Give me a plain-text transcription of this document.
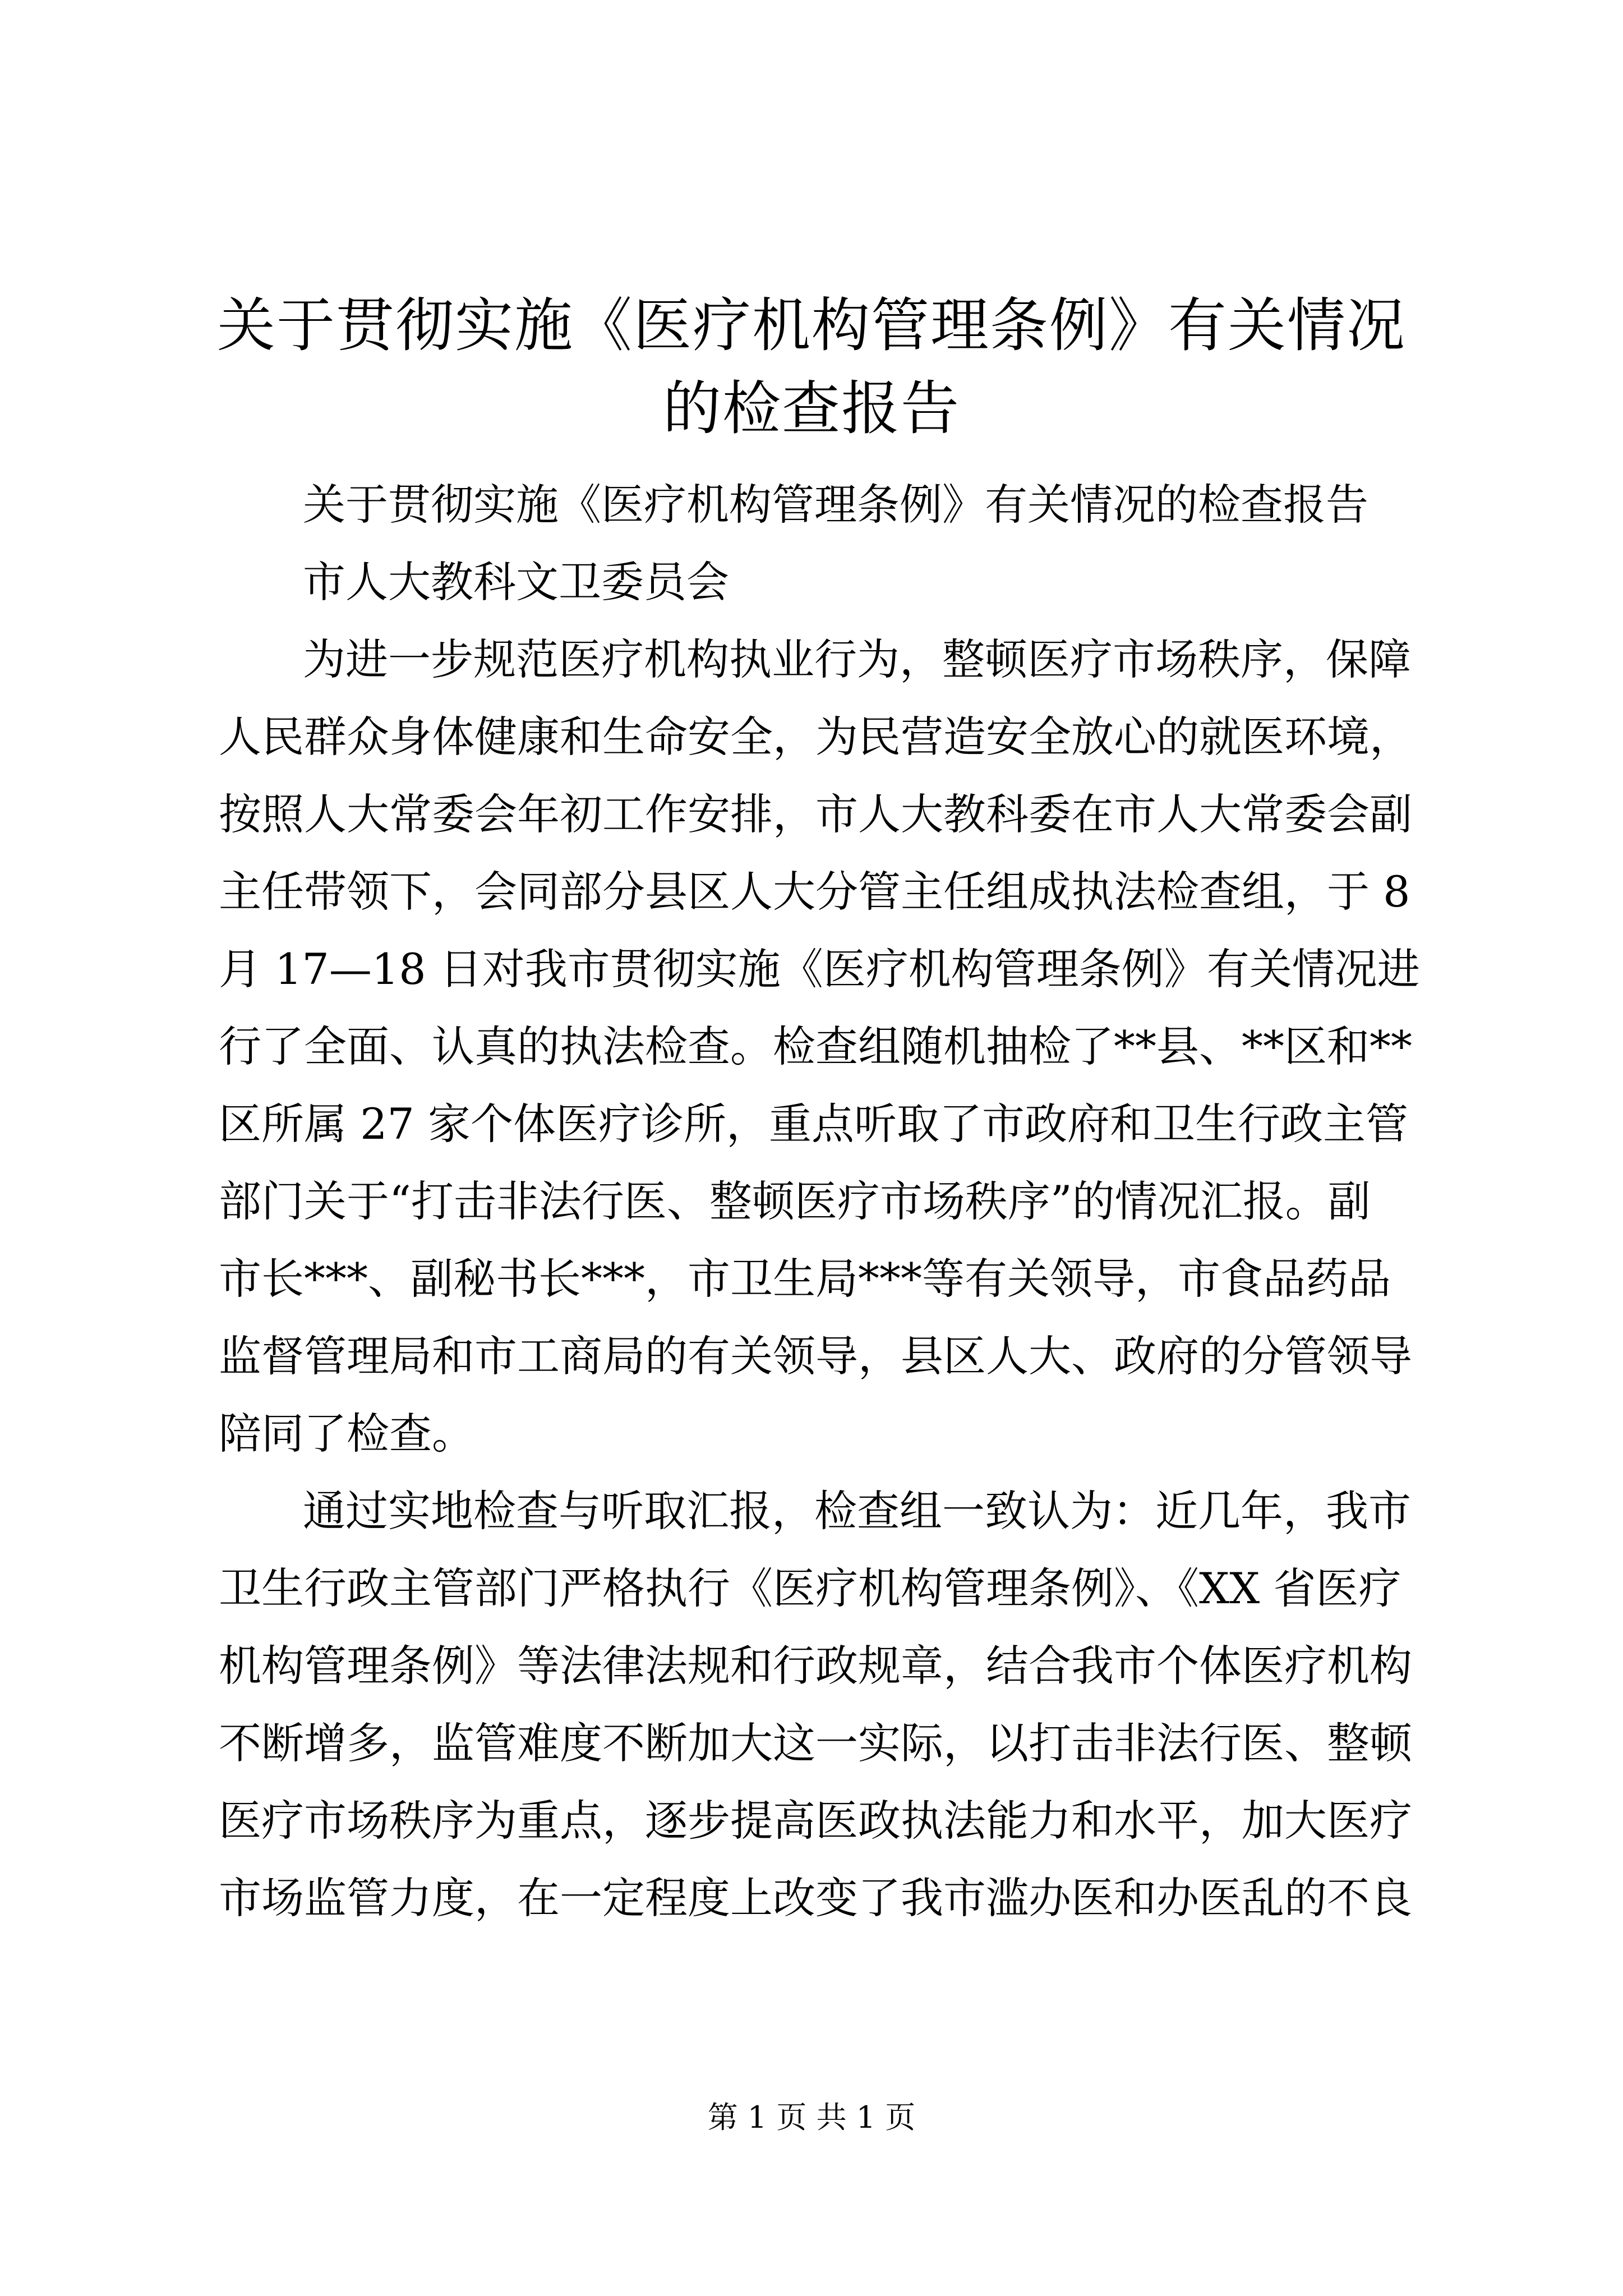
关于贯彻实施《医疗机构管理条例》有关情况
的检查报告
关于贯彻实施《医疗机构管理条例》有关情况的检查报告
市人大教科文卫委员会
为进一步规范医疗机构执业行为，整顿医疗市场秩序，保障
人民群众身体健康和生命安全，为民营造安全放心的就医环境，
按照人大常委会年初工作安排，市人大教科委在市人大常委会副
主任带领下，会同部分县区人大分管主任组成执法检查组，于 8
月 17—18 日对我市贯彻实施《医疗机构管理条例》有关情况进
行了全面、认真的执法检查。检查组随机抽检了**县、**区和**
区所属 27 家个体医疗诊所，重点听取了市政府和卫生行政主管
部门关于“打击非法行医、整顿医疗市场秩序”的情况汇报。副
市长***、副秘书长***，市卫生局***等有关领导，市食品药品
监督管理局和市工商局的有关领导，县区人大、政府的分管领导
陪同了检查。
通过实地检查与听取汇报，检查组一致认为：近几年，我市
卫生行政主管部门严格执行《医疗机构管理条例》、《XX 省医疗
机构管理条例》等法律法规和行政规章，结合我市个体医疗机构
不断增多，监管难度不断加大这一实际，以打击非法行医、整顿
医疗市场秩序为重点，逐步提高医政执法能力和水平，加大医疗
市场监管力度，在一定程度上改变了我市滥办医和办医乱的不良
第 1 页 共 1 页
